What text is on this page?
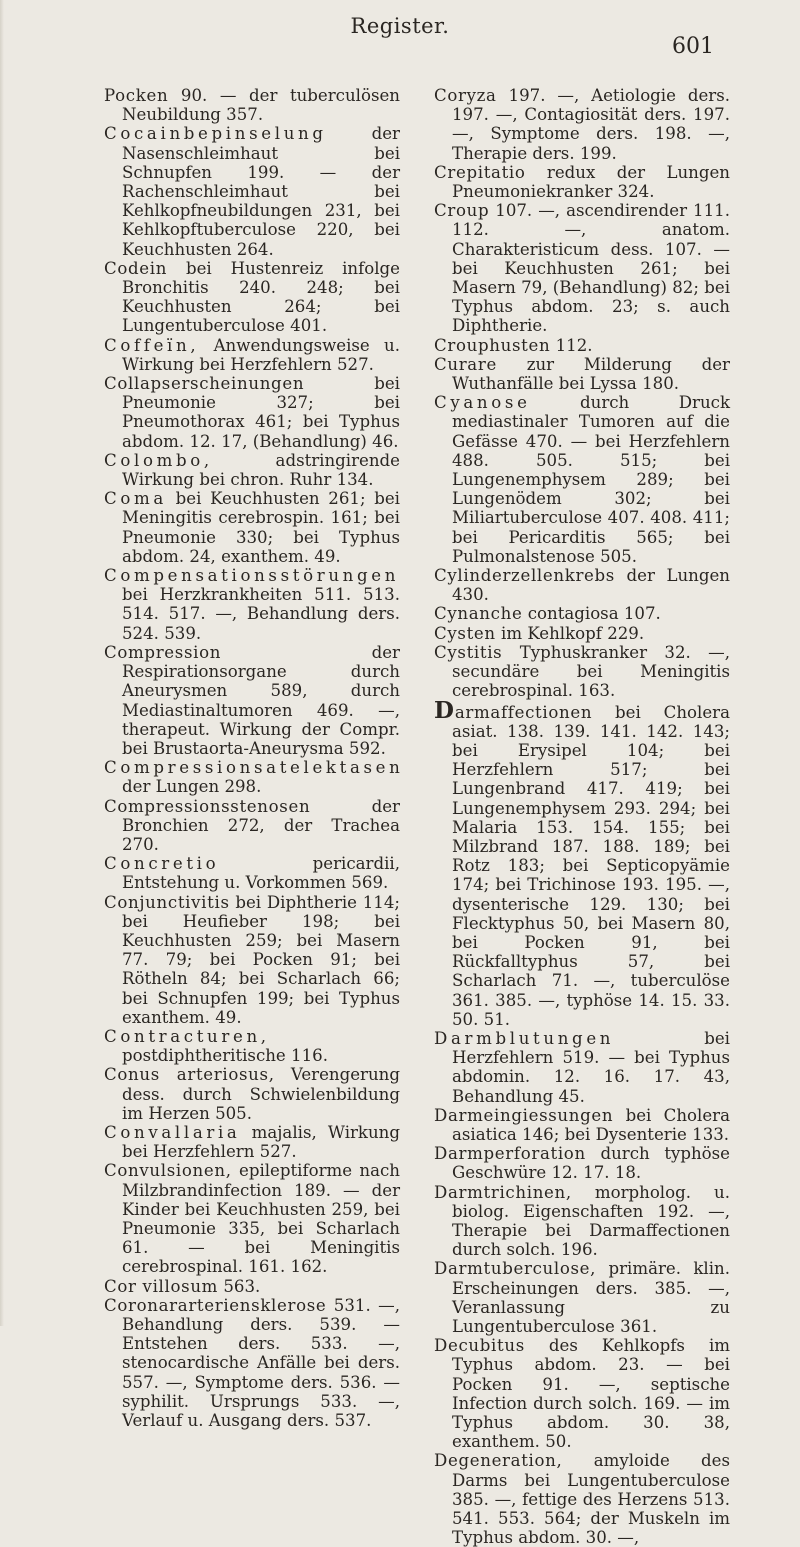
Register.
601

Pocken 90. — der tuberculösen Neubildung 357.

Cocainbepinselung der Nasenschleimhaut bei Schnupfen 199. — der Rachenschleimhaut bei Kehlkopfneubildungen 231, bei Kehlkopftuberculose 220, bei Keuchhusten 264.

Codein bei Hustenreiz infolge Bronchitis 240. 248; bei Keuchhusten 264; bei Lungentuberculose 401.

Coffeïn, Anwendungsweise u. Wirkung bei Herzfehlern 527.

Collapserscheinungen bei Pneumonie 327; bei Pneumothorax 461; bei Typhus abdom. 12. 17, (Behandlung) 46.

Colombo, adstringirende Wirkung bei chron. Ruhr 134.

Coma bei Keuchhusten 261; bei Meningitis cerebrospin. 161; bei Pneumonie 330; bei Typhus abdom. 24, exanthem. 49.

Compensationsstörungen bei Herzkrankheiten 511. 513. 514. 517. —, Behandlung ders. 524. 539.

Compression der Respirationsorgane durch Aneurysmen 589, durch Mediastinaltumoren 469. —, therapeut. Wirkung der Compr. bei Brustaorta-Aneurysma 592.

Compressionsatelektasen der Lungen 298.

Compressionsstenosen der Bronchien 272, der Trachea 270.

Concretio pericardii, Entstehung u. Vorkommen 569.

Conjunctivitis bei Diphtherie 114; bei Heufieber 198; bei Keuchhusten 259; bei Masern 77. 79; bei Pocken 91; bei Rötheln 84; bei Scharlach 66; bei Schnupfen 199; bei Typhus exanthem. 49.

Contracturen, postdiphtheritische 116.

Conus arteriosus, Verengerung dess. durch Schwielenbildung im Herzen 505.

Convallaria majalis, Wirkung bei Herzfehlern 527.

Convulsionen, epileptiforme nach Milzbrandinfection 189. — der Kinder bei Keuchhusten 259, bei Pneumonie 335, bei Scharlach 61. — bei Meningitis cerebrospinal. 161. 162.

Cor villosum 563.

Coronararteriensklerose 531. —, Behandlung ders. 539. — Entstehen ders. 533. —, stenocardische Anfälle bei ders. 557. —, Symptome ders. 536. — syphilit. Ursprungs 533. —, Verlauf u. Ausgang ders. 537.

Coryza 197. —, Aetiologie ders. 197. —, Contagiosität ders. 197. —, Symptome ders. 198. —, Therapie ders. 199.

Crepitatio redux der Lungen Pneumoniekranker 324.

Croup 107. —, ascendirender 111. 112. —, anatom. Charakteristicum dess. 107. — bei Keuchhusten 261; bei Masern 79, (Behandlung) 82; bei Typhus abdom. 23; s. auch Diphtherie.

Crouphusten 112.

Curare zur Milderung der Wuthanfälle bei Lyssa 180.

Cyanose durch Druck mediastinaler Tumoren auf die Gefässe 470. — bei Herzfehlern 488. 505. 515; bei Lungenemphysem 289; bei Lungenödem 302; bei Miliartuberculose 407. 408. 411; bei Pericarditis 565; bei Pulmonalstenose 505.

Cylinderzellenkrebs der Lungen 430.

Cynanche contagiosa 107.

Cysten im Kehlkopf 229.

Cystitis Typhuskranker 32. —, secundäre bei Meningitis cerebrospinal. 163.

Darmaffectionen bei Cholera asiat. 138. 139. 141. 142. 143; bei Erysipel 104; bei Herzfehlern 517; bei Lungenbrand 417. 419; bei Lungenemphysem 293. 294; bei Malaria 153. 154. 155; bei Milzbrand 187. 188. 189; bei Rotz 183; bei Septicopyämie 174; bei Trichinose 193. 195. —, dysenterische 129. 130; bei Flecktyphus 50, bei Masern 80, bei Pocken 91, bei Rückfalltyphus 57, bei Scharlach 71. —, tuberculöse 361. 385. —, typhöse 14. 15. 33. 50. 51.

Darmblutungen bei Herzfehlern 519. — bei Typhus abdomin. 12. 16. 17. 43, Behandlung 45.

Darmeingiessungen bei Cholera asiatica 146; bei Dysenterie 133.

Darmperforation durch typhöse Geschwüre 12. 17. 18.

Darmtrichinen, morpholog. u. biolog. Eigenschaften 192. —, Therapie bei Darmaffectionen durch solch. 196.

Darmtuberculose, primäre. klin. Erscheinungen ders. 385. —, Veranlassung zu Lungentuberculose 361.

Decubitus des Kehlkopfs im Typhus abdom. 23. — bei Pocken 91. —, septische Infection durch solch. 169. — im Typhus abdom. 30. 38, exanthem. 50.

Degeneration, amyloide des Darms bei Lungentuberculose 385. —, fettige des Herzens 513. 541. 553. 564; der Muskeln im Typhus abdom. 30. —,
